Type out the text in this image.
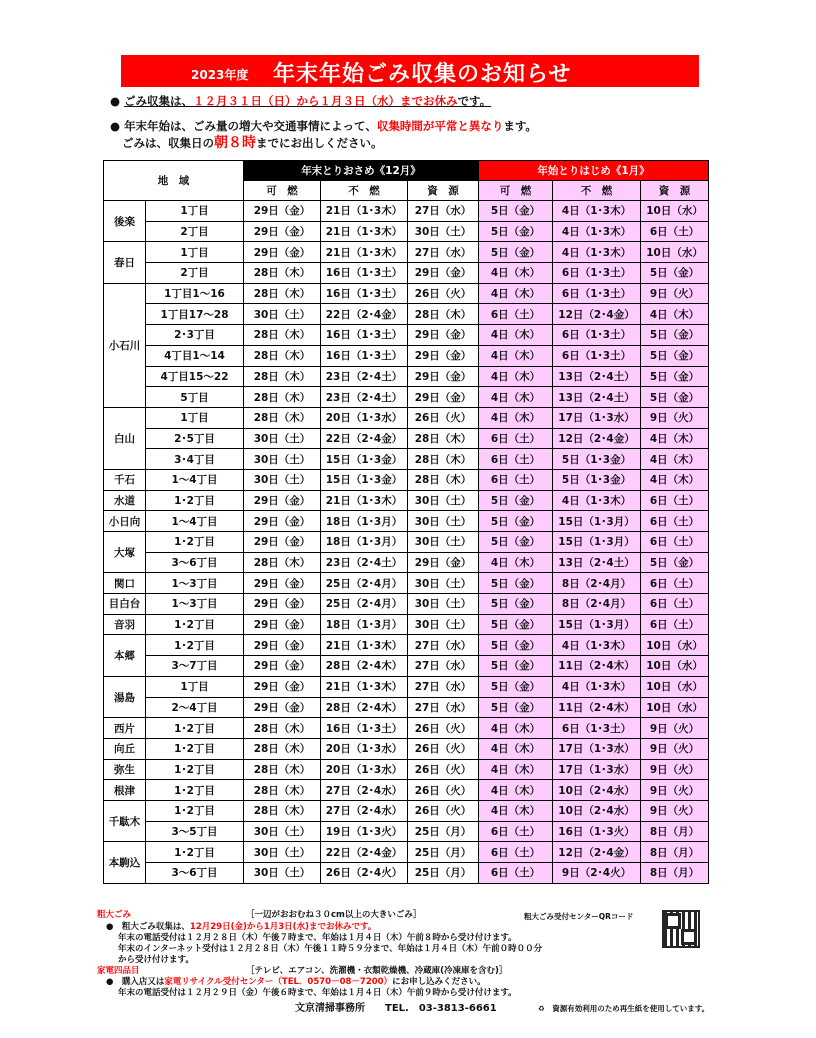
2023年度 年末年始ごみ収集のお知らせ
● ごみ収集は、１２月３１日（日）から１月３日（水）までお休みです。
● 年末年始は、ごみ量の増大や交通事情によって、収集時間が平常と異なります。
ごみは、収集日の朝８時までにお出しください。
地　域		年末とりおさめ《12月》			年始とりはじめ《1月》		
		可　燃	不　燃	資　源	可　燃	不　燃	資　源
後楽	1丁目	29日（金）	21日（1･3木）	27日（水）	5日（金）	4日（1･3木）	10日（水）
	2丁目	29日（金）	21日（1･3木）	30日（土）	5日（金）	4日（1･3木）	6日（土）
春日	1丁目	29日（金）	21日（1･3木）	27日（水）	5日（金）	4日（1･3木）	10日（水）
	2丁目	28日（木）	16日（1･3土）	29日（金）	4日（木）	6日（1･3土）	5日（金）
小石川	1丁目1～16	28日（木）	16日（1･3土）	26日（火）	4日（木）	6日（1･3土）	9日（火）
	1丁目17～28	30日（土）	22日（2･4金）	28日（木）	6日（土）	12日（2･4金）	4日（木）
	2･3丁目	28日（木）	16日（1･3土）	29日（金）	4日（木）	6日（1･3土）	5日（金）
	4丁目1～14	28日（木）	16日（1･3土）	29日（金）	4日（木）	6日（1･3土）	5日（金）
	4丁目15～22	28日（木）	23日（2･4土）	29日（金）	4日（木）	13日（2･4土）	5日（金）
	5丁目	28日（木）	23日（2･4土）	29日（金）	4日（木）	13日（2･4土）	5日（金）
白山	1丁目	28日（木）	20日（1･3水）	26日（火）	4日（木）	17日（1･3水）	9日（火）
	2･5丁目	30日（土）	22日（2･4金）	28日（木）	6日（土）	12日（2･4金）	4日（木）
	3･4丁目	30日（土）	15日（1･3金）	28日（木）	6日（土）	5日（1･3金）	4日（木）
千石	1～4丁目	30日（土）	15日（1･3金）	28日（木）	6日（土）	5日（1･3金）	4日（木）
水道	1･2丁目	29日（金）	21日（1･3木）	30日（土）	5日（金）	4日（1･3木）	6日（土）
小日向	1～4丁目	29日（金）	18日（1･3月）	30日（土）	5日（金）	15日（1･3月）	6日（土）
大塚	1･2丁目	29日（金）	18日（1･3月）	30日（土）	5日（金）	15日（1･3月）	6日（土）
	3～6丁目	28日（木）	23日（2･4土）	29日（金）	4日（木）	13日（2･4土）	5日（金）
関口	1～3丁目	29日（金）	25日（2･4月）	30日（土）	5日（金）	8日（2･4月）	6日（土）
目白台	1～3丁目	29日（金）	25日（2･4月）	30日（土）	5日（金）	8日（2･4月）	6日（土）
音羽	1･2丁目	29日（金）	18日（1･3月）	30日（土）	5日（金）	15日（1･3月）	6日（土）
本郷	1･2丁目	29日（金）	21日（1･3木）	27日（水）	5日（金）	4日（1･3木）	10日（水）
	3～7丁目	29日（金）	28日（2･4木）	27日（水）	5日（金）	11日（2･4木）	10日（水）
湯島	1丁目	29日（金）	21日（1･3木）	27日（水）	5日（金）	4日（1･3木）	10日（水）
	2～4丁目	29日（金）	28日（2･4木）	27日（水）	5日（金）	11日（2･4木）	10日（水）
西片	1･2丁目	28日（木）	16日（1･3土）	26日（火）	4日（木）	6日（1･3土）	9日（火）
向丘	1･2丁目	28日（木）	20日（1･3水）	26日（火）	4日（木）	17日（1･3水）	9日（火）
弥生	1･2丁目	28日（木）	20日（1･3水）	26日（火）	4日（木）	17日（1･3水）	9日（火）
根津	1･2丁目	28日（木）	27日（2･4水）	26日（火）	4日（木）	10日（2･4水）	9日（火）
千駄木	1･2丁目	28日（木）	27日（2･4水）	26日（火）	4日（木）	10日（2･4水）	9日（火）
	3～5丁目	30日（土）	19日（1･3火）	25日（月）	6日（土）	16日（1･3火）	8日（月）
本駒込	1･2丁目	30日（土）	22日（2･4金）	25日（月）	6日（土）	12日（2･4金）	8日（月）
	3～6丁目	30日（土）	26日（2･4火）	25日（月）	6日（土）	9日（2･4火）	8日（月）
粗大ごみ	［一辺がおおむね３０cm以上の大きいごみ］	粗大ごみ受付センターQRコード
●　粗大ごみ収集は、12月29日(金)から1月3日(水)までお休みです。
年末の電話受付は１２月２８日（木）午後７時まで、年始は１月４日（木）午前８時から受け付けます。
年末のインターネット受付は１２月２８日（木）午後１１時５９分まで、年始は１月４日（木）午前０時００分
から受け付けます。
家電四品目	［テレビ、エアコン、洗濯機・衣類乾燥機、冷蔵庫(冷凍庫を含む)］
●　購入店又は家電リサイクル受付センター（TEL．0570－08－7200）にお申し込みください。
年末の電話受付は１２月２９日（金）午後６時まで、年始は１月４日（木）午前９時から受け付けます。
文京清掃事務所　　TEL.　03-3813-6661	♻　資源有効利用のため再生紙を使用しています。
